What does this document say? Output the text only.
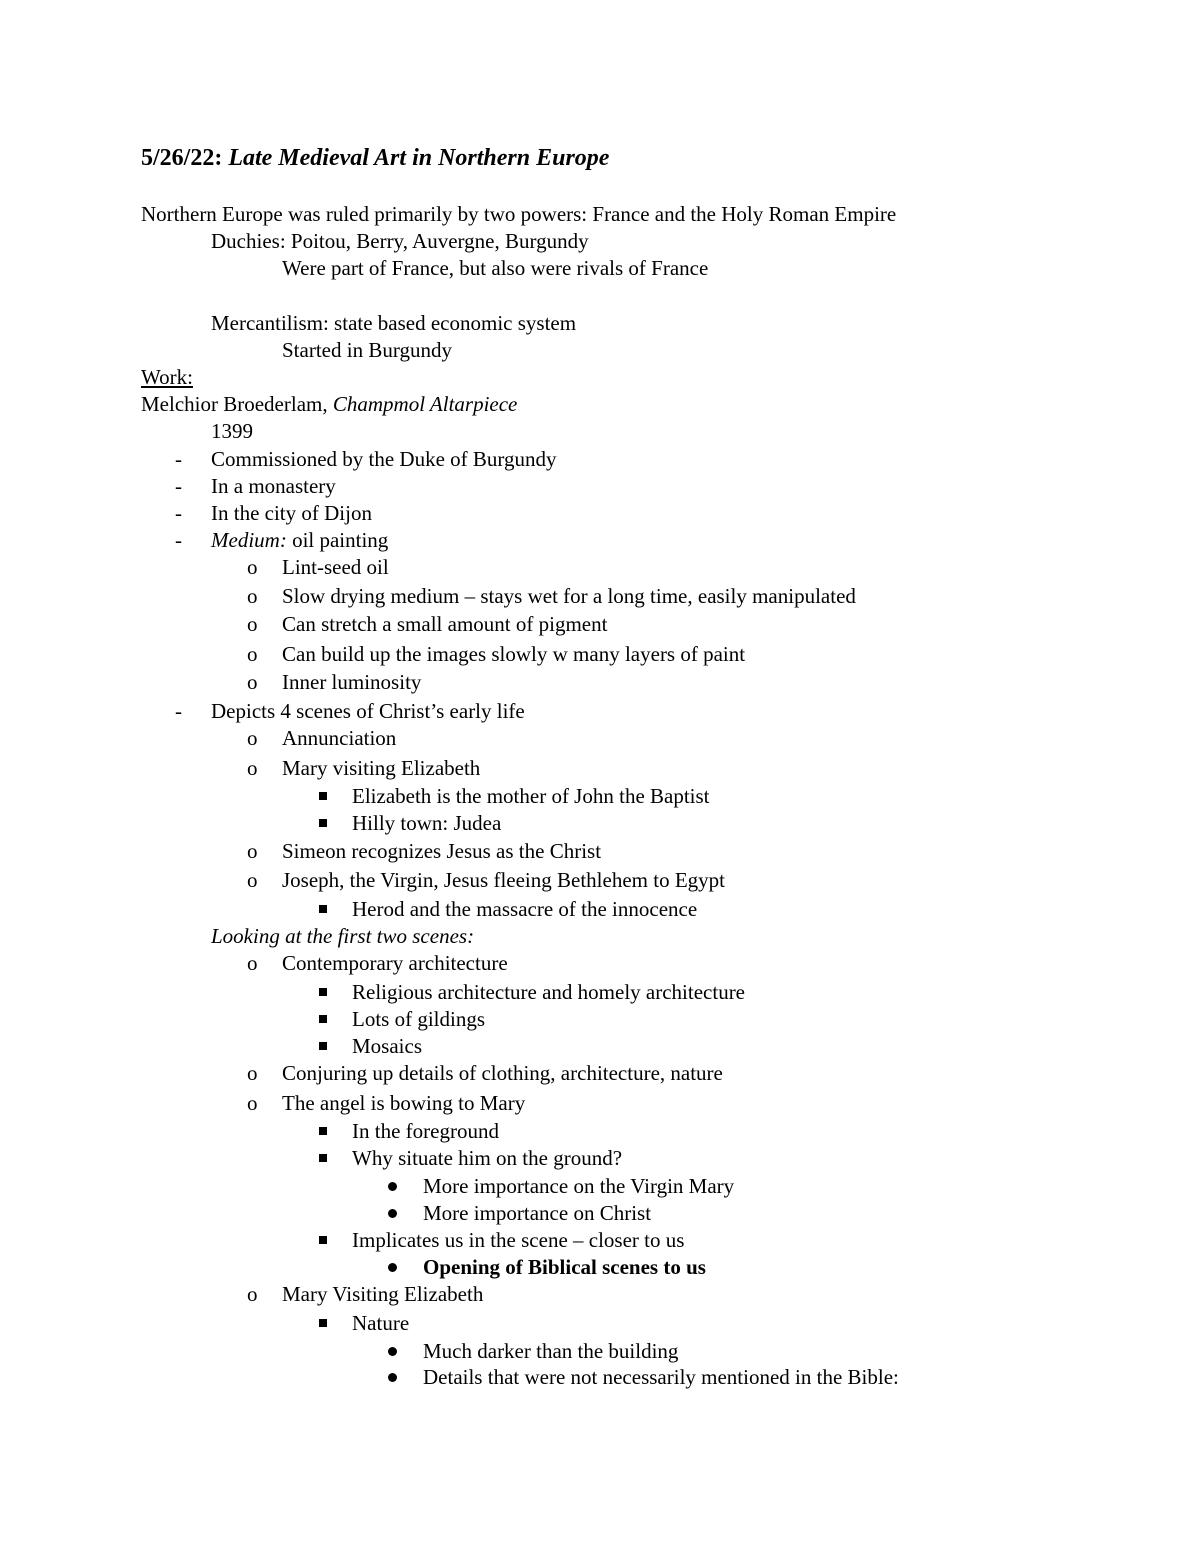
5/26/22: Late Medieval Art in Northern Europe
Northern Europe was ruled primarily by two powers: France and the Holy Roman Empire
Duchies: Poitou, Berry, Auvergne, Burgundy
Were part of France, but also were rivals of France
Mercantilism: state based economic system
Started in Burgundy
Work:
Melchior Broederlam, Champmol Altarpiece
1399
- Commissioned by the Duke of Burgundy
- In a monastery
- In the city of Dijon
- Medium: oil painting
o Lint-seed oil
o Slow drying medium – stays wet for a long time, easily manipulated
o Can stretch a small amount of pigment
o Can build up the images slowly w many layers of paint
o Inner luminosity
- Depicts 4 scenes of Christ’s early life
o Annunciation
o Mary visiting Elizabeth
Elizabeth is the mother of John the Baptist
Hilly town: Judea
o Simeon recognizes Jesus as the Christ
o Joseph, the Virgin, Jesus fleeing Bethlehem to Egypt
Herod and the massacre of the innocence
Looking at the first two scenes:
o Contemporary architecture
Religious architecture and homely architecture
Lots of gildings
Mosaics
o Conjuring up details of clothing, architecture, nature
o The angel is bowing to Mary
In the foreground
Why situate him on the ground?
More importance on the Virgin Mary
More importance on Christ
Implicates us in the scene – closer to us
Opening of Biblical scenes to us
o Mary Visiting Elizabeth
Nature
Much darker than the building
Details that were not necessarily mentioned in the Bible:
